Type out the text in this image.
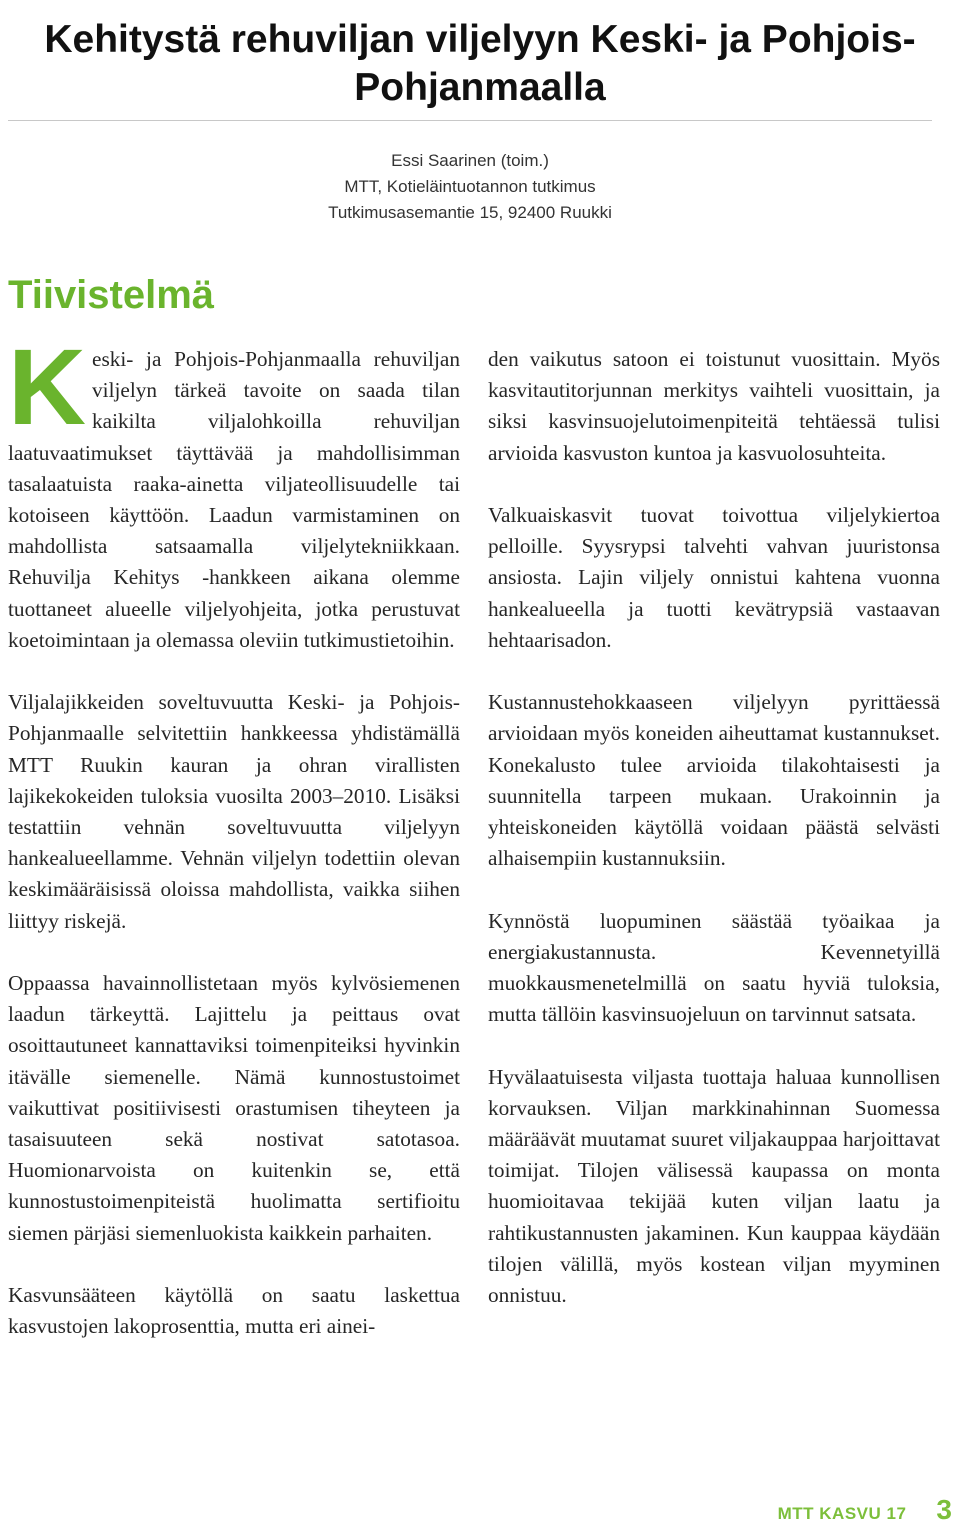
Kehitystä rehuviljan viljelyyn Keski- ja Pohjois-Pohjanmaalla
Essi Saarinen (toim.)
MTT, Kotieläintuotannon tutkimus
Tutkimusasemantie 15, 92400 Ruukki
Tiivistelmä

Keski- ja Pohjois-Pohjanmaalla rehuviljan viljelyn tärkeä tavoite on saada tilan kaikilta viljalohkoilla rehuviljan laatuvaatimukset täyttävää ja mahdollisimman tasalaatuista raaka-ainetta viljateollisuudelle tai kotoiseen käyttöön. Laadun varmistaminen on mahdollista satsaamalla viljelytekniikkaan. Rehuvilja Kehitys -hankkeen aikana olemme tuottaneet alueelle viljelyohjeita, jotka perustuvat koetoimintaan ja olemassa oleviin tutkimustietoihin.

Viljalajikkeiden soveltuvuutta Keski- ja Pohjois-Pohjanmaalle selvitettiin hankkeessa yhdistämällä MTT Ruukin kauran ja ohran virallisten lajikekokeiden tuloksia vuosilta 2003–2010. Lisäksi testattiin vehnän soveltuvuutta viljelyyn hankealueellamme. Vehnän viljelyn todettiin olevan keskimääräisissä oloissa mahdollista, vaikka siihen liittyy riskejä.

Oppaassa havainnollistetaan myös kylvösiemenen laadun tärkeyttä. Lajittelu ja peittaus ovat osoittautuneet kannattaviksi toimenpiteiksi hyvinkin itävälle siemenelle. Nämä kunnostustoimet vaikuttivat positiivisesti orastumisen tiheyteen ja tasaisuuteen sekä nostivat satotasoa. Huomionarvoista on kuitenkin se, että kunnostustoimenpiteistä huolimatta sertifioitu siemen pärjäsi siemenluokista kaikkein parhaiten.

Kasvunsääteen käytöllä on saatu laskettua kasvustojen lakoprosenttia, mutta eri ainei-

den vaikutus satoon ei toistunut vuosittain. Myös kasvitautitorjunnan merkitys vaihteli vuosittain, ja siksi kasvinsuojelutoimenpiteitä tehtäessä tulisi arvioida kasvuston kuntoa ja kasvuolosuhteita.

Valkuaiskasvit tuovat toivottua viljelykiertoa pelloille. Syysrypsi talvehti vahvan juuristonsa ansiosta. Lajin viljely onnistui kahtena vuonna hankealueella ja tuotti kevätrypsiä vastaavan hehtaarisadon.

Kustannustehokkaaseen viljelyyn pyrittäessä arvioidaan myös koneiden aiheuttamat kustannukset. Konekalusto tulee arvioida tilakohtaisesti ja suunnitella tarpeen mukaan. Urakoinnin ja yhteiskoneiden käytöllä voidaan päästä selvästi alhaisempiin kustannuksiin.

Kynnöstä luopuminen säästää työaikaa ja energiakustannusta. Kevennetyillä muokkausmenetelmillä on saatu hyviä tuloksia, mutta tällöin kasvinsuojeluun on tarvinnut satsata.

Hyvälaatuisesta viljasta tuottaja haluaa kunnollisen korvauksen. Viljan markkinahinnan Suomessa määräävät muutamat suuret viljakauppaa harjoittavat toimijat. Tilojen välisessä kaupassa on monta huomioitavaa tekijää kuten viljan laatu ja rahtikustannusten jakaminen. Kun kauppaa käydään tilojen välillä, myös kostean viljan myyminen onnistuu.

MTT KASVU 17 3
